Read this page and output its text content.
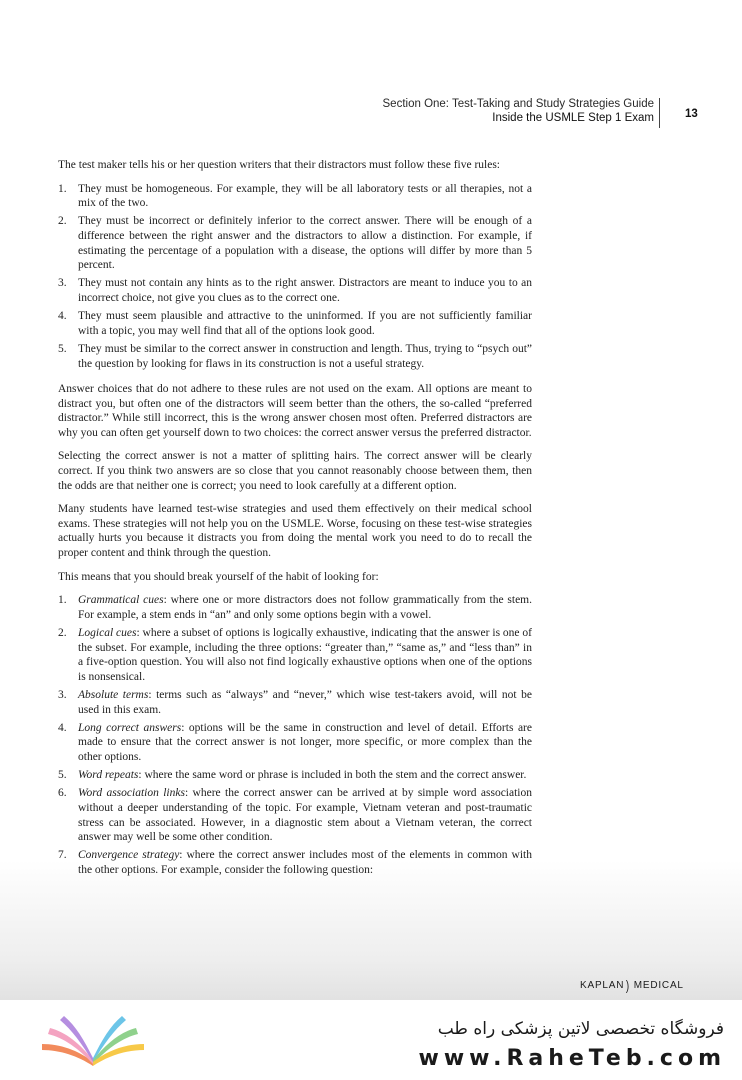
Section One: Test-Taking and Study Strategies Guide
Inside the USMLE Step 1 Exam	13

The test maker tells his or her question writers that their distractors must follow these five rules:

1. They must be homogeneous. For example, they will be all laboratory tests or all therapies, not a mix of the two.
2. They must be incorrect or definitely inferior to the correct answer. There will be enough of a difference between the right answer and the distractors to allow a distinction. For example, if estimating the percentage of a population with a disease, the options will differ by more than 5 percent.
3. They must not contain any hints as to the right answer. Distractors are meant to induce you to an incorrect choice, not give you clues as to the correct one.
4. They must seem plausible and attractive to the uninformed. If you are not sufficiently familiar with a topic, you may well find that all of the options look good.
5. They must be similar to the correct answer in construction and length. Thus, trying to “psych out” the question by looking for flaws in its construction is not a useful strategy.

Answer choices that do not adhere to these rules are not used on the exam. All options are meant to distract you, but often one of the distractors will seem better than the others, the so-called “preferred distractor.” While still incorrect, this is the wrong answer chosen most often. Preferred distractors are why you can often get yourself down to two choices: the correct answer versus the preferred distractor.

Selecting the correct answer is not a matter of splitting hairs. The correct answer will be clearly correct. If you think two answers are so close that you cannot reasonably choose between them, then the odds are that neither one is correct; you need to look carefully at a different option.

Many students have learned test-wise strategies and used them effectively on their medical school exams. These strategies will not help you on the USMLE. Worse, focusing on these test-wise strategies actually hurts you because it distracts you from doing the mental work you need to do to recall the proper content and think through the question.

This means that you should break yourself of the habit of looking for:

1. Grammatical cues: where one or more distractors does not follow grammatically from the stem. For example, a stem ends in “an” and only some options begin with a vowel.
2. Logical cues: where a subset of options is logically exhaustive, indicating that the answer is one of the subset. For example, including the three options: “greater than,” “same as,” and “less than” in a five-option question. You will also not find logically exhaustive options when one of the options is nonsensical.
3. Absolute terms: terms such as “always” and “never,” which wise test-takers avoid, will not be used in this exam.
4. Long correct answers: options will be the same in construction and level of detail. Efforts are made to ensure that the correct answer is not longer, more specific, or more complex than the other options.
5. Word repeats: where the same word or phrase is included in both the stem and the correct answer.
6. Word association links: where the correct answer can be arrived at by simple word association without a deeper understanding of the topic. For example, Vietnam veteran and post-traumatic stress can be associated. However, in a diagnostic stem about a Vietnam veteran, the correct answer may well be some other condition.
7. Convergence strategy: where the correct answer includes most of the elements in common with the other options. For example, consider the following question:
KAPLAN ) MEDICAL
فروشگاه تخصصی لاتین پزشکی راه طب
www.RaheTeb.com
